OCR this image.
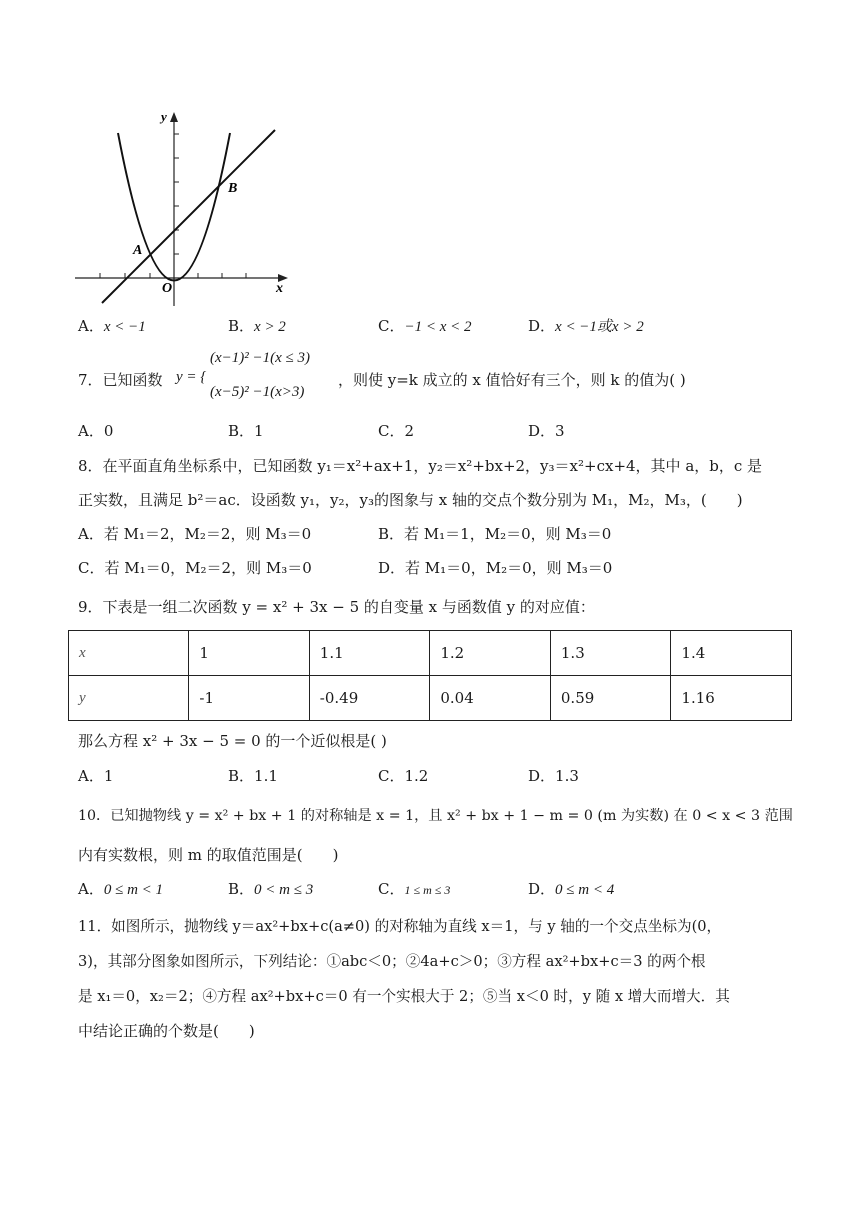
y
x
O
A
B
A．x < −1	B．x > 2	C．−1 < x < 2	D．x < −1或x > 2
7．已知函数 y = {
(x−1)² −1(x ≤ 3)
(x−5)² −1(x>3)
，则使 y=k 成立的 x 值恰好有三个，则 k 的值为( )
A．0	B．1	C．2	D．3
8．在平面直角坐标系中，已知函数 y₁＝x²+ax+1，y₂＝x²+bx+2，y₃＝x²+cx+4，其中 a，b，c 是
正实数，且满足 b²＝ac．设函数 y₁，y₂，y₃的图象与 x 轴的交点个数分别为 M₁，M₂，M₃，(　　)
A．若 M₁＝2，M₂＝2，则 M₃＝0	B．若 M₁＝1，M₂＝0，则 M₃＝0
C．若 M₁＝0，M₂＝2，则 M₃＝0	D．若 M₁＝0，M₂＝0，则 M₃＝0
9．下表是一组二次函数 y = x² + 3x − 5 的自变量 x 与函数值 y 的对应值：
x	1	1.1	1.2	1.3	1.4
y	-1	-0.49	0.04	0.59	1.16
那么方程 x² + 3x − 5 = 0 的一个近似根是( )
A．1	B．1.1	C．1.2	D．1.3
10．已知抛物线 y = x² + bx + 1 的对称轴是 x = 1，且 x² + bx + 1 − m = 0 (m 为实数) 在 0 < x < 3 范围
内有实数根，则 m 的取值范围是(　　)
A．0 ≤ m < 1	B．0 < m ≤ 3	C．1 ≤ m ≤ 3	D．0 ≤ m < 4
11．如图所示，抛物线 y＝ax²+bx+c(a≠0) 的对称轴为直线 x＝1，与 y 轴的一个交点坐标为(0，
3)，其部分图象如图所示，下列结论：①abc＜0；②4a+c＞0；③方程 ax²+bx+c＝3 的两个根
是 x₁＝0，x₂＝2；④方程 ax²+bx+c＝0 有一个实根大于 2；⑤当 x＜0 时，y 随 x 增大而增大．其
中结论正确的个数是(　　)
